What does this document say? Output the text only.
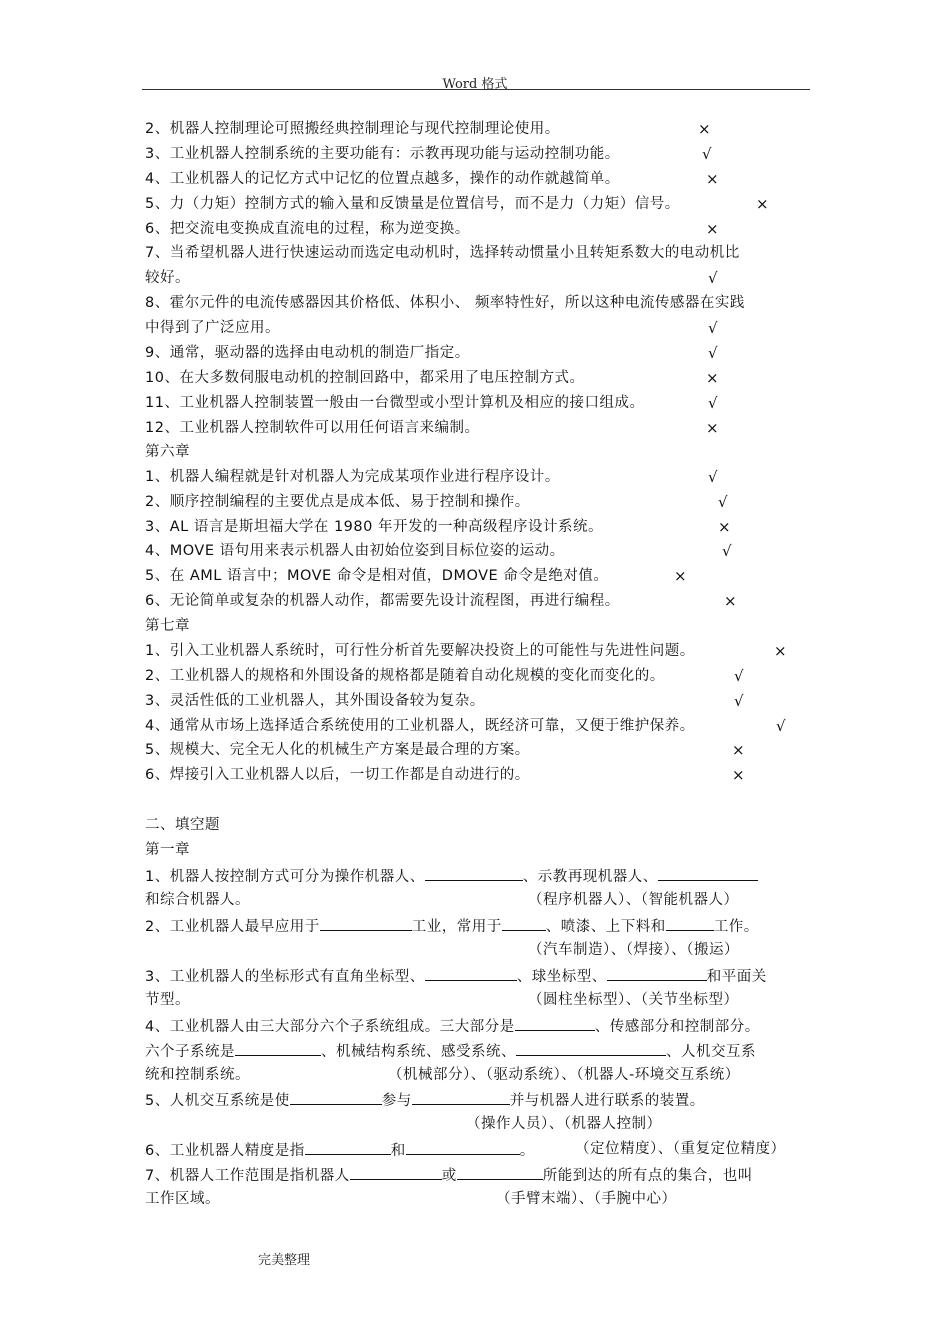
Word 格式
2、机器人控制理论可照搬经典控制理论与现代控制理论使用。	×
3、工业机器人控制系统的主要功能有：示教再现功能与运动控制功能。	√
4、工业机器人的记忆方式中记忆的位置点越多，操作的动作就越简单。	×
5、力（力矩）控制方式的输入量和反馈量是位置信号，而不是力（力矩）信号。	×
6、把交流电变换成直流电的过程，称为逆变换。	×
7、当希望机器人进行快速运动而选定电动机时，选择转动惯量小且转矩系数大的电动机比
较好。	√
8、霍尔元件的电流传感器因其价格低、体积小、 频率特性好，所以这种电流传感器在实践
中得到了广泛应用。	√
9、通常，驱动器的选择由电动机的制造厂指定。	√
10、在大多数伺服电动机的控制回路中，都采用了电压控制方式。	×
11、工业机器人控制装置一般由一台微型或小型计算机及相应的接口组成。	√
12、工业机器人控制软件可以用任何语言来编制。	×
第六章
1、机器人编程就是针对机器人为完成某项作业进行程序设计。	√
2、顺序控制编程的主要优点是成本低、易于控制和操作。	√
3、AL 语言是斯坦福大学在 1980 年开发的一种高级程序设计系统。	×
4、MOVE 语句用来表示机器人由初始位姿到目标位姿的运动。	√
5、在 AML 语言中；MOVE 命令是相对值，DMOVE 命令是绝对值。	×
6、无论简单或复杂的机器人动作，都需要先设计流程图，再进行编程。	×
第七章
1、引入工业机器人系统时，可行性分析首先要解决投资上的可能性与先进性问题。	×
2、工业机器人的规格和外围设备的规格都是随着自动化规模的变化而变化的。	√
3、灵活性低的工业机器人，其外围设备较为复杂。	√
4、通常从市场上选择适合系统使用的工业机器人，既经济可靠，又便于维护保养。	√
5、规模大、完全无人化的机械生产方案是最合理的方案。	×
6、焊接引入工业机器人以后，一切工作都是自动进行的。	×
二、填空题
第一章
1、机器人按控制方式可分为操作机器人、	、示教再现机器人、
和综合机器人。	（程序机器人）、（智能机器人）
2、工业机器人最早应用于	工业，常用于	、喷漆、上下料和	工作。
（汽车制造）、（焊接）、（搬运）
3、工业机器人的坐标形式有直角坐标型、	、球坐标型、	和平面关
节型。	（圆柱坐标型）、（关节坐标型）
4、工业机器人由三大部分六个子系统组成。三大部分是	、传感部分和控制部分。
六个子系统是	、机械结构系统、感受系统、	、人机交互系
统和控制系统。	（机械部分）、（驱动系统）、（机器人-环境交互系统）
5、人机交互系统是使	参与	并与机器人进行联系的装置。
（操作人员）、（机器人控制）
6、工业机器人精度是指	和	。	（定位精度）、（重复定位精度）
7、机器人工作范围是指机器人	或	所能到达的所有点的集合，也叫
工作区域。	（手臂末端）、（手腕中心）
完美整理
